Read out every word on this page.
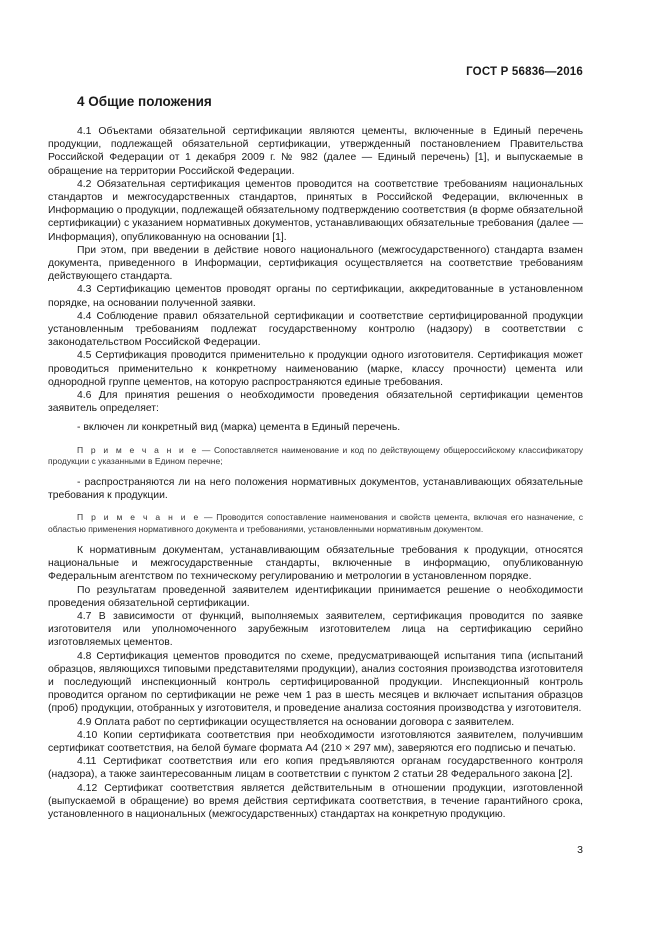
ГОСТ Р 56836—2016
4 Общие положения

4.1 Объектами обязательной сертификации являются цементы, включенные в Единый перечень продукции, подлежащей обязательной сертификации, утвержденный постановлением Правительства Российской Федерации от 1 декабря 2009 г. № 982 (далее — Единый перечень) [1], и выпускаемые в обращение на территории Российской Федерации.

4.2 Обязательная сертификация цементов проводится на соответствие требованиям национальных стандартов и межгосударственных стандартов, принятых в Российской Федерации, включенных в Информацию о продукции, подлежащей обязательному подтверждению соответствия (в форме обязательной сертификации) с указанием нормативных документов, устанавливающих обязательные требования (далее — Информация), опубликованную на основании [1].

При этом, при введении в действие нового национального (межгосударственного) стандарта взамен документа, приведенного в Информации, сертификация осуществляется на соответствие требованиям действующего стандарта.

4.3 Сертификацию цементов проводят органы по сертификации, аккредитованные в установленном порядке, на основании полученной заявки.

4.4 Соблюдение правил обязательной сертификации и соответствие сертифицированной продукции установленным требованиям подлежат государственному контролю (надзору) в соответствии с законодательством Российской Федерации.

4.5 Сертификация проводится применительно к продукции одного изготовителя. Сертификация может проводиться применительно к конкретному наименованию (марке, классу прочности) цемента или однородной группе цементов, на которую распространяются единые требования.

4.6 Для принятия решения о необходимости проведения обязательной сертификации цементов заявитель определяет:

- включен ли конкретный вид (марка) цемента в Единый перечень.

П р и м е ч а н и е — Сопоставляется наименование и код по действующему общероссийскому классификатору продукции с указанными в Едином перечне;

- распространяются ли на него положения нормативных документов, устанавливающих обязательные требования к продукции.

П р и м е ч а н и е — Проводится сопоставление наименования и свойств цемента, включая его назначение, с областью применения нормативного документа и требованиями, установленными нормативным документом.

К нормативным документам, устанавливающим обязательные требования к продукции, относятся национальные и межгосударственные стандарты, включенные в информацию, опубликованную Федеральным агентством по техническому регулированию и метрологии в установленном порядке.

По результатам проведенной заявителем идентификации принимается решение о необходимости проведения обязательной сертификации.

4.7 В зависимости от функций, выполняемых заявителем, сертификация проводится по заявке изготовителя или уполномоченного зарубежным изготовителем лица на сертификацию серийно изготовляемых цементов.

4.8 Сертификация цементов проводится по схеме, предусматривающей испытания типа (испытаний образцов, являющихся типовыми представителями продукции), анализ состояния производства изготовителя и последующий инспекционный контроль сертифицированной продукции. Инспекционный контроль проводится органом по сертификации не реже чем 1 раз в шесть месяцев и включает испытания образцов (проб) продукции, отобранных у изготовителя, и проведение анализа состояния производства у изготовителя.

4.9 Оплата работ по сертификации осуществляется на основании договора с заявителем.

4.10 Копии сертификата соответствия при необходимости изготовляются заявителем, получившим сертификат соответствия, на белой бумаге формата А4 (210 × 297 мм), заверяются его подписью и печатью.

4.11 Сертификат соответствия или его копия предъявляются органам государственного контроля (надзора), а также заинтересованным лицам в соответствии с пунктом 2 статьи 28 Федерального закона [2].

4.12 Сертификат соответствия является действительным в отношении продукции, изготовленной (выпускаемой в обращение) во время действия сертификата соответствия, в течение гарантийного срока, установленного в национальных (межгосударственных) стандартах на конкретную продукцию.

3
